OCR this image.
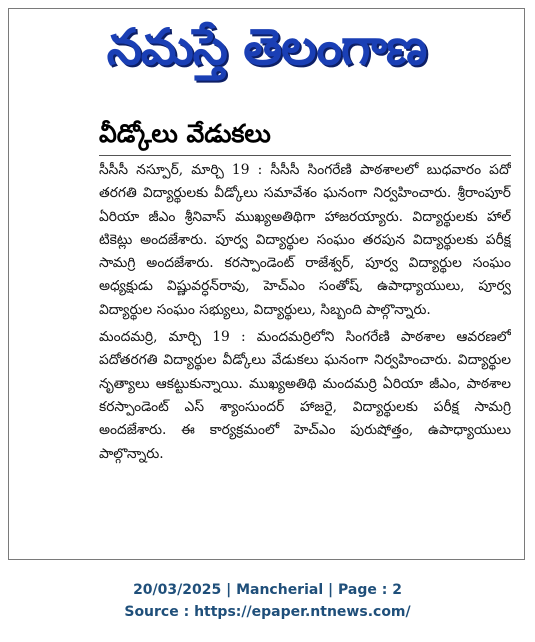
నమస్తే తెలంగాణ
వీడ్కోలు వేడుకలు

సీసీసీ నస్పూర్, మార్చి 19 : సీసీసీ సింగరేణి పాఠశాలలో బుధవారం పదో తరగతి విద్యార్థులకు వీడ్కోలు సమావేశం ఘనంగా నిర్వహించారు. శ్రీరాంపూర్ ఏరియా జీఎం శ్రీనివాస్ ముఖ్యఅతిథిగా హాజరయ్యారు. విద్యార్థులకు హాల్ టికెట్లు అందజేశారు. పూర్వ విద్యార్థుల సంఘం తరపున విద్యార్థులకు పరీక్ష సామగ్రి అందజేశారు. కరస్పాండెంట్ రాజేశ్వర్, పూర్వ విద్యార్థుల సంఘం అధ్యక్షుడు విష్ణువర్ధన్‌రావు, హెచ్ఎం సంతోష్, ఉపాధ్యాయులు, పూర్వ విద్యార్థుల సంఘం సభ్యులు, విద్యార్థులు, సిబ్బంది పాల్గొన్నారు.

మందమర్రి, మార్చి 19 : మందమర్రిలోని సింగరేణి పాఠశాల ఆవరణలో పదోతరగతి విద్యార్థుల వీడ్కోలు వేడుకలు ఘనంగా నిర్వహించారు. విద్యార్థుల నృత్యాలు ఆకట్టుకున్నాయి. ముఖ్యఅతిథి మందమర్రి ఏరియా జీఎం, పాఠశాల కరస్పాండెంట్ ఎస్ శ్యాంసుందర్ హాజరై, విద్యార్థులకు పరీక్ష సామగ్రి అందజేశారు. ఈ కార్యక్రమంలో హెచ్ఎం పురుషోత్తం, ఉపాధ్యాయులు పాల్గొన్నారు.

20/03/2025 | Mancherial | Page : 2
Source : https://epaper.ntnews.com/
